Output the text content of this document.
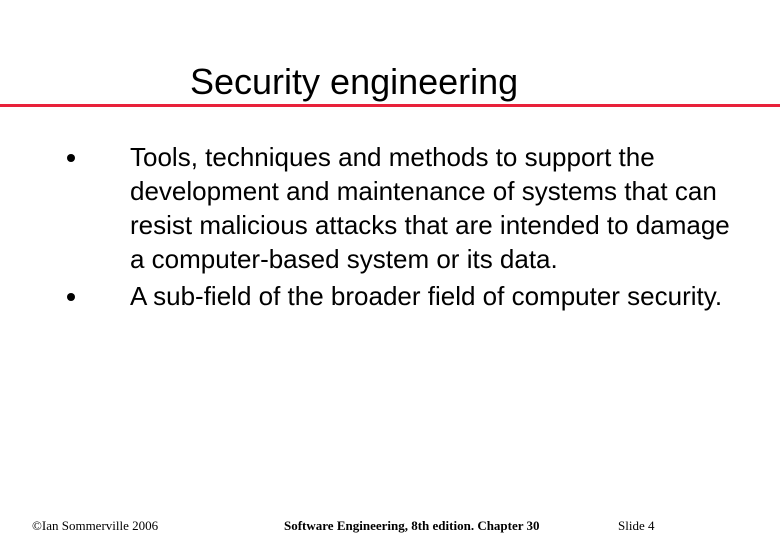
Security engineering
Tools, techniques and methods to support the development and maintenance of systems that can resist malicious attacks that are intended to damage a computer-based system or its data.
A sub-field of the broader field of computer security.
©Ian Sommerville 2006	Software Engineering, 8th edition. Chapter 30	Slide 4
